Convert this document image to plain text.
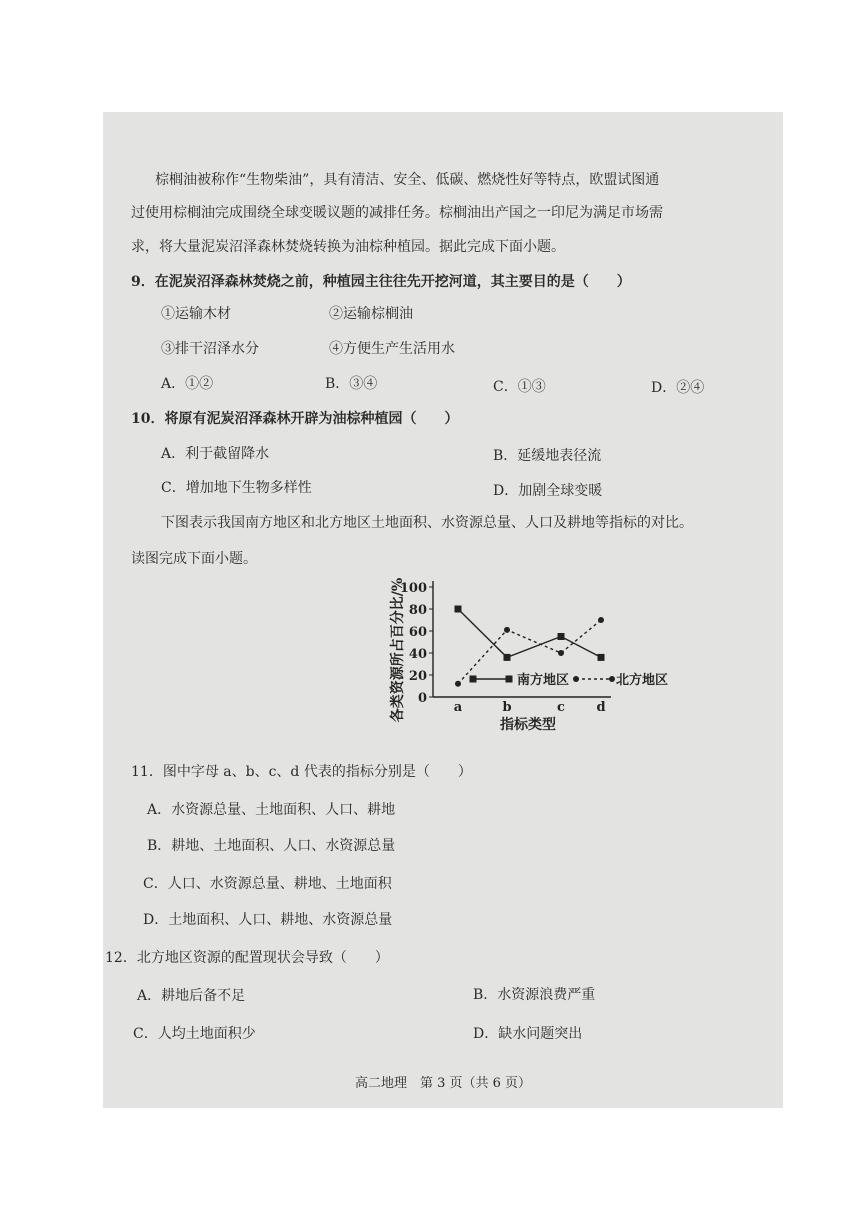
棕榈油被称作“生物柴油”，具有清洁、安全、低碳、燃烧性好等特点，欧盟试图通
过使用棕榈油完成围绕全球变暖议题的减排任务。棕榈油出产国之一印尼为满足市场需
求，将大量泥炭沼泽森林焚烧转换为油棕种植园。据此完成下面小题。
9．在泥炭沼泽森林焚烧之前，种植园主往往先开挖河道，其主要目的是（　　）
①运输木材	②运输棕榈油
③排干沼泽水分	④方便生产生活用水
A．①②	B．③④	C．①③	D．②④
10．将原有泥炭沼泽森林开辟为油棕种植园（　　）
A．利于截留降水	B．延缓地表径流
C．增加地下生物多样性	D．加剧全球变暖
下图表示我国南方地区和北方地区土地面积、水资源总量、人口及耕地等指标的对比。
读图完成下面小题。
0
20
40
60
80
100
a	b	c d
各类资源所占百分比/%
指标类型
南方地区	北方地区
11．图中字母 a、b、c、d 代表的指标分别是（　　）
A．水资源总量、土地面积、人口、耕地
B．耕地、土地面积、人口、水资源总量
C．人口、水资源总量、耕地、土地面积
D．土地面积、人口、耕地、水资源总量
12．北方地区资源的配置现状会导致（　　）
A．耕地后备不足	B．水资源浪费严重
C．人均土地面积少	D．缺水问题突出
高二地理　第 3 页（共 6 页）
